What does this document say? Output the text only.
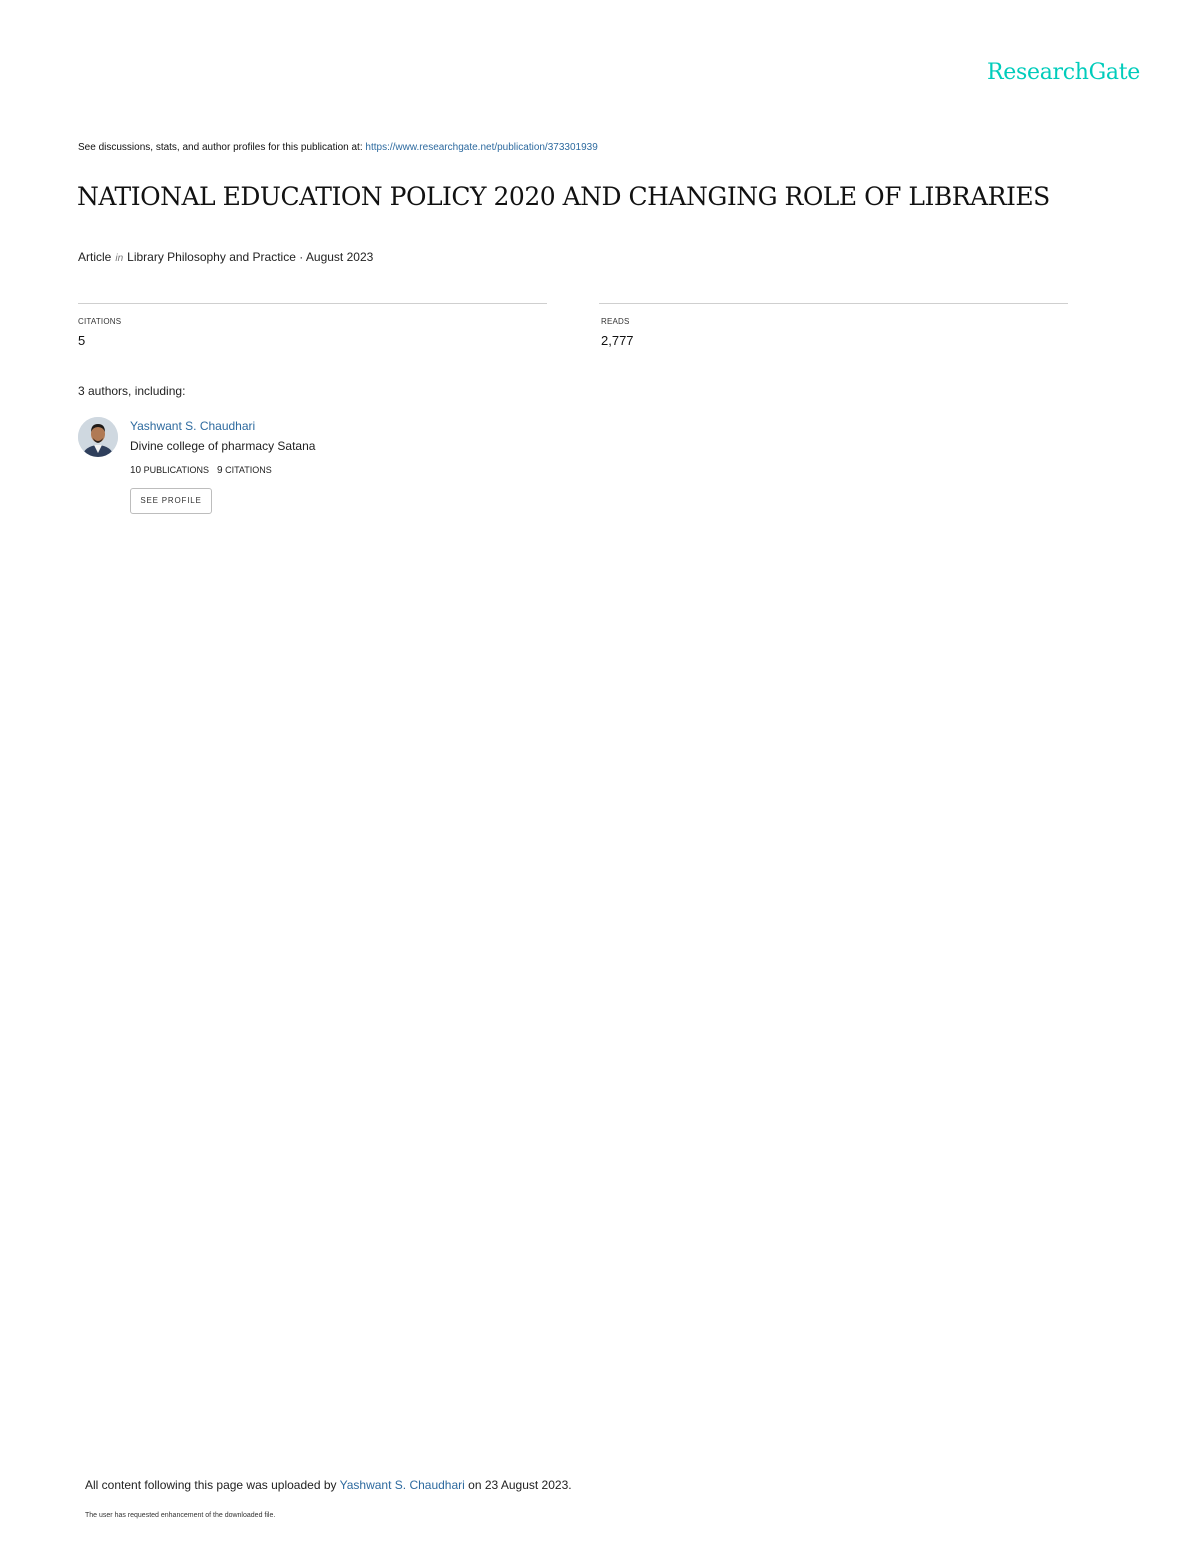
ResearchGate
See discussions, stats, and author profiles for this publication at: https://www.researchgate.net/publication/373301939
NATIONAL EDUCATION POLICY 2020 AND CHANGING ROLE OF LIBRARIES
Article in Library Philosophy and Practice · August 2023
CITATIONS
5
READS
2,777
3 authors, including:
Yashwant S. Chaudhari
Divine college of pharmacy Satana
10 PUBLICATIONS 9 CITATIONS
SEE PROFILE
All content following this page was uploaded by Yashwant S. Chaudhari on 23 August 2023.
The user has requested enhancement of the downloaded file.
